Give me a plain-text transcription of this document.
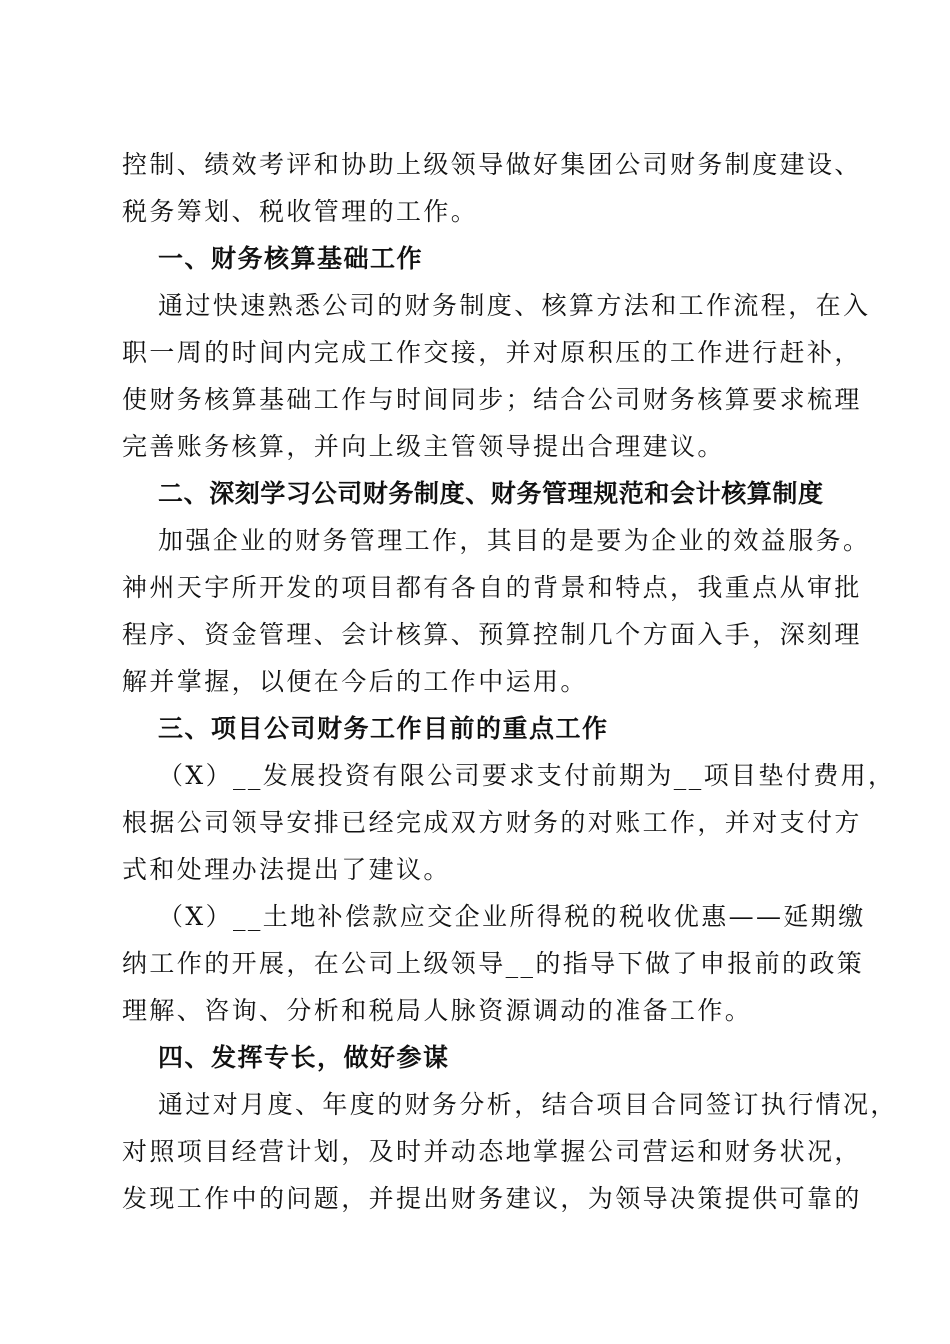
控制、绩效考评和协助上级领导做好集团公司财务制度建设、
税务筹划、税收管理的工作。
一、财务核算基础工作
通过快速熟悉公司的财务制度、核算方法和工作流程，在入
职一周的时间内完成工作交接，并对原积压的工作进行赶补，
使财务核算基础工作与时间同步；结合公司财务核算要求梳理
完善账务核算，并向上级主管领导提出合理建议。
二、深刻学习公司财务制度、财务管理规范和会计核算制度
加强企业的财务管理工作，其目的是要为企业的效益服务。
神州天宇所开发的项目都有各自的背景和特点，我重点从审批
程序、资金管理、会计核算、预算控制几个方面入手，深刻理
解并掌握，以便在今后的工作中运用。
三、项目公司财务工作目前的重点工作
（X）__发展投资有限公司要求支付前期为__项目垫付费用，
根据公司领导安排已经完成双方财务的对账工作，并对支付方
式和处理办法提出了建议。
（X）__土地补偿款应交企业所得税的税收优惠——延期缴
纳工作的开展，在公司上级领导__的指导下做了申报前的政策
理解、咨询、分析和税局人脉资源调动的准备工作。
四、发挥专长，做好参谋
通过对月度、年度的财务分析，结合项目合同签订执行情况，
对照项目经营计划，及时并动态地掌握公司营运和财务状况，
发现工作中的问题，并提出财务建议，为领导决策提供可靠的
